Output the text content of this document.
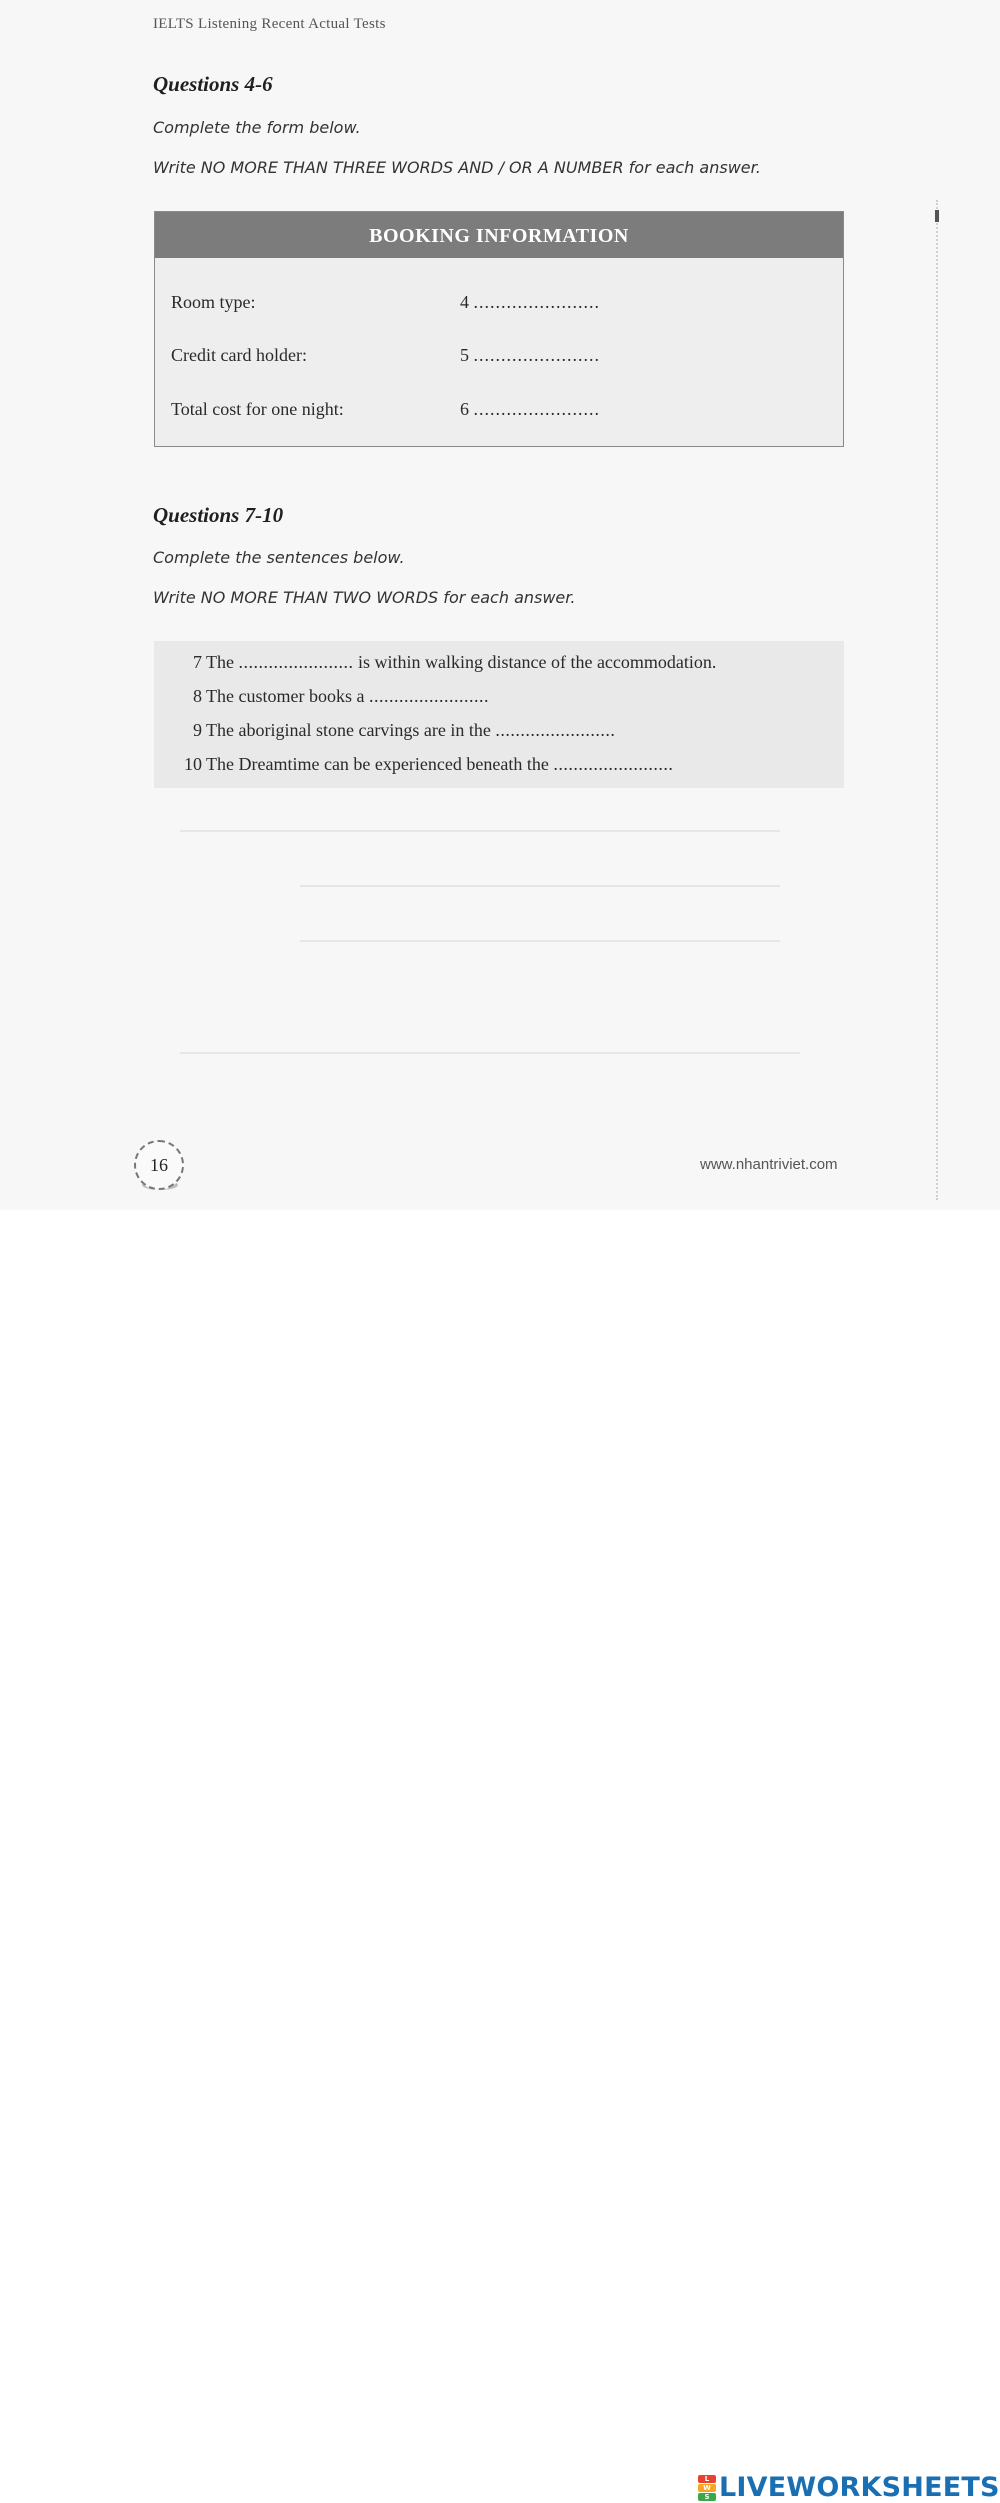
IELTS Listening Recent Actual Tests
Questions 4-6
Complete the form below.
Write NO MORE THAN THREE WORDS AND / OR A NUMBER for each answer.
BOOKING INFORMATION
Room type:	4 .......................
Credit card holder:	5 .......................
Total cost for one night:	6 .......................
Questions 7-10
Complete the sentences below.
Write NO MORE THAN TWO WORDS for each answer.
7 The ....................... is within walking distance of the accommodation.
8 The customer books a ........................
9 The aboriginal stone carvings are in the ........................
10 The Dreamtime can be experienced beneath the ........................
16	www.nhantriviet.com
L
W
S LIVEWORKSHEETS
